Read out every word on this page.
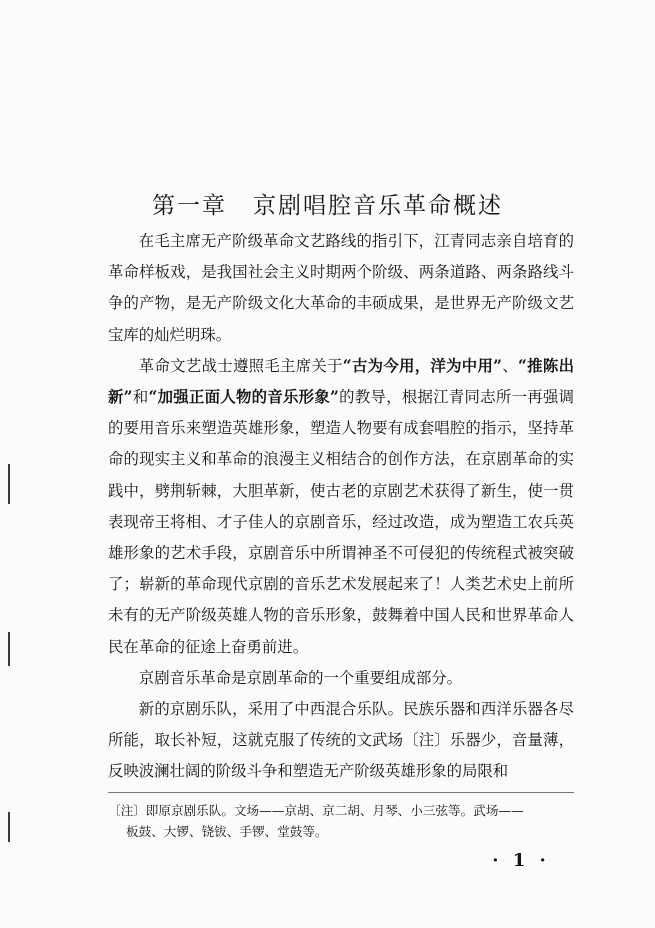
第一章 京剧唱腔音乐革命概述

在毛主席无产阶级革命文艺路线的指引下，江青同志亲自培育的革命样板戏，是我国社会主义时期两个阶级、两条道路、两条路线斗争的产物，是无产阶级文化大革命的丰硕成果，是世界无产阶级文艺宝库的灿烂明珠。

革命文艺战士遵照毛主席关于“古为今用，洋为中用”、“推陈出新”和“加强正面人物的音乐形象”的教导，根据江青同志所一再强调的要用音乐来塑造英雄形象，塑造人物要有成套唱腔的指示，坚持革命的现实主义和革命的浪漫主义相结合的创作方法，在京剧革命的实践中，劈荆斩棘，大胆革新，使古老的京剧艺术获得了新生，使一贯表现帝王将相、才子佳人的京剧音乐，经过改造，成为塑造工农兵英雄形象的艺术手段，京剧音乐中所谓神圣不可侵犯的传统程式被突破了；崭新的革命现代京剧的音乐艺术发展起来了！人类艺术史上前所未有的无产阶级英雄人物的音乐形象，鼓舞着中国人民和世界革命人民在革命的征途上奋勇前进。

京剧音乐革命是京剧革命的一个重要组成部分。

新的京剧乐队，采用了中西混合乐队。民族乐器和西洋乐器各尽所能，取长补短，这就克服了传统的文武场〔注〕乐器少，音量薄，反映波澜壮阔的阶级斗争和塑造无产阶级英雄形象的局限和

〔注〕即原京剧乐队。文场——京胡、京二胡、月琴、小三弦等。武场——
板鼓、大锣、铙钹、手锣、堂鼓等。
· 1 ·
